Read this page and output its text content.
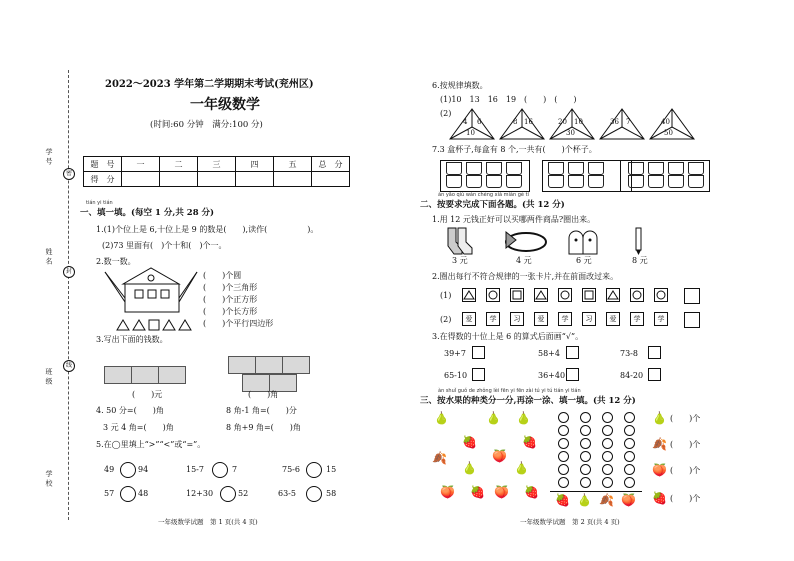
密
封
线
学 号
姓 名
班 级
学 校
2022～2023 学年第二学期期末考试(兖州区)
一年级数学
(时间:60 分钟　满分:100 分)
题　号	一	二	三	四	五	总　分
得　分						
tián yi tián
一、填一填。(每空 1 分,共 28 分)
1.(1)个位上是 6,十位上是 9 的数是(　　),读作(　　　　　)。
(2)73 里面有(　)个十和(　)个一。
2.数一数。
(　　)个圆
(　　)个三角形
(　　)个正方形
(　　)个长方形
(　　)个平行四边形
3.写出下面的钱数。
(　　)元	(　　)角
4. 50 分=(　　)角	8 角-1 角=(　　)分
3 元 4 角=(　　)角	8 角+9 角=(　　)角
5.在◯里填上“>”“<”或“=”。
49	94	15-7	7	75-6	15
57	48	12+30	52	63-5	58
一年级数学试题　第 1 页(共 4 页)
6.按规律填数。
(1)10　13　16　19　(　　)　(　　)
(2)
4 6
10
8 16	20 10
30
36 7	40
50
7.3 盒杯子,每盒有 8 个,一共有(　　)个杯子。
àn yāo qiú wán chéng xià miàn gè tí
二、按要求完成下面各题。(共 12 分)
1.用 12 元钱正好可以买哪两件商品?圈出来。
3 元	4 元	6 元	8 元
2.圈出每行不符合规律的一张卡片,并在前面改过来。
(1)
(2)	爱	学	习	爱	学	习	爱	学	学
3.在得数的十位上是 6 的算式后面画“√”。
39+7	58+4	73-8
65-10	36+40	84-20
àn shuǐ guǒ de zhǒng lèi fēn yi fēn zài tú yi tú tián yi tián
三、按水果的种类分一分,再涂一涂、填一填。(共 12 分)
🍐	🍐 🍐
🍓	🍓
🍂	🍑
🍐	🍐
🍑 🍓 🍑 🍓
🍓 🍐 🍂 🍑
🍐 (　　)个
🍂 (　　)个
🍑 (　　)个
🍓 (　　)个
一年级数学试题　第 2 页(共 4 页)
